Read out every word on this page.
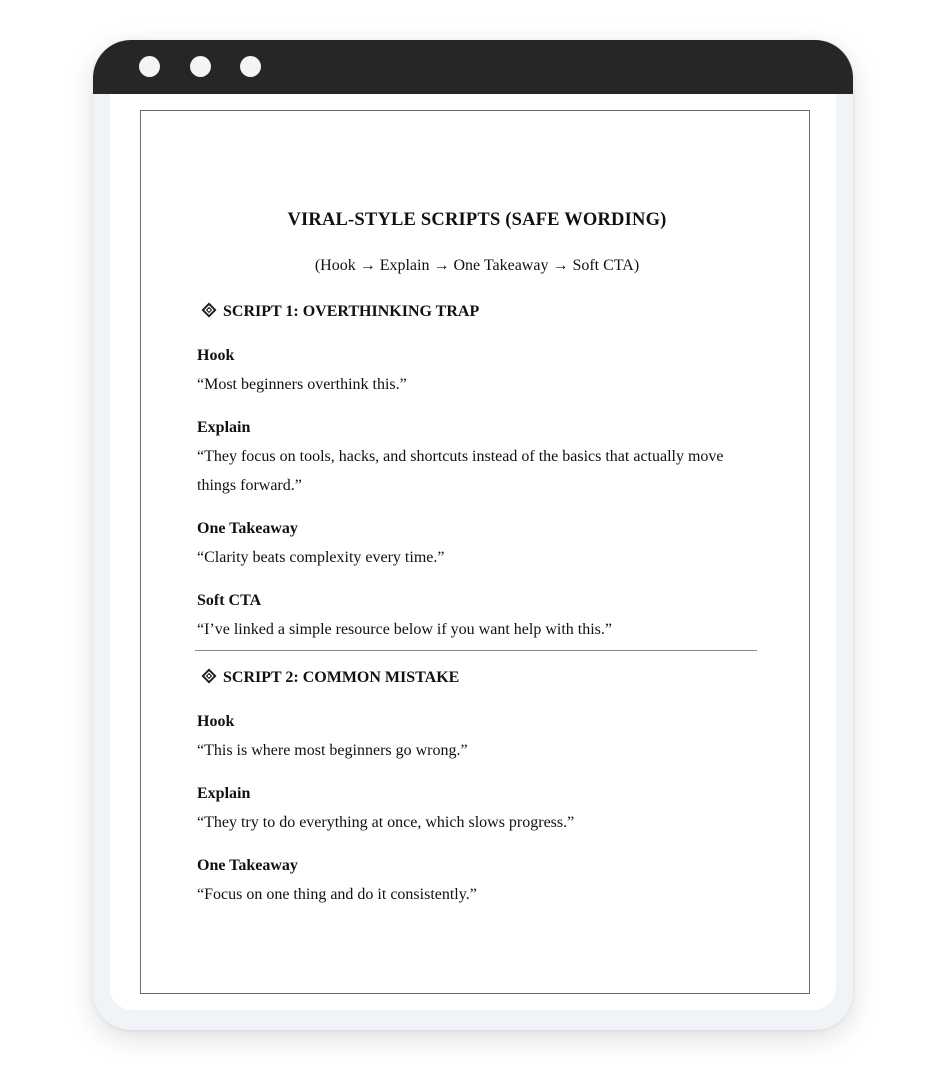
VIRAL-STYLE SCRIPTS (SAFE WORDING)
(Hook → Explain → One Takeaway → Soft CTA)
SCRIPT 1: OVERTHINKING TRAP
Hook
“Most beginners overthink this.”
Explain
“They focus on tools, hacks, and shortcuts instead of the basics that actually move things forward.”
One Takeaway
“Clarity beats complexity every time.”
Soft CTA
“I’ve linked a simple resource below if you want help with this.”
SCRIPT 2: COMMON MISTAKE
Hook
“This is where most beginners go wrong.”
Explain
“They try to do everything at once, which slows progress.”
One Takeaway
“Focus on one thing and do it consistently.”
